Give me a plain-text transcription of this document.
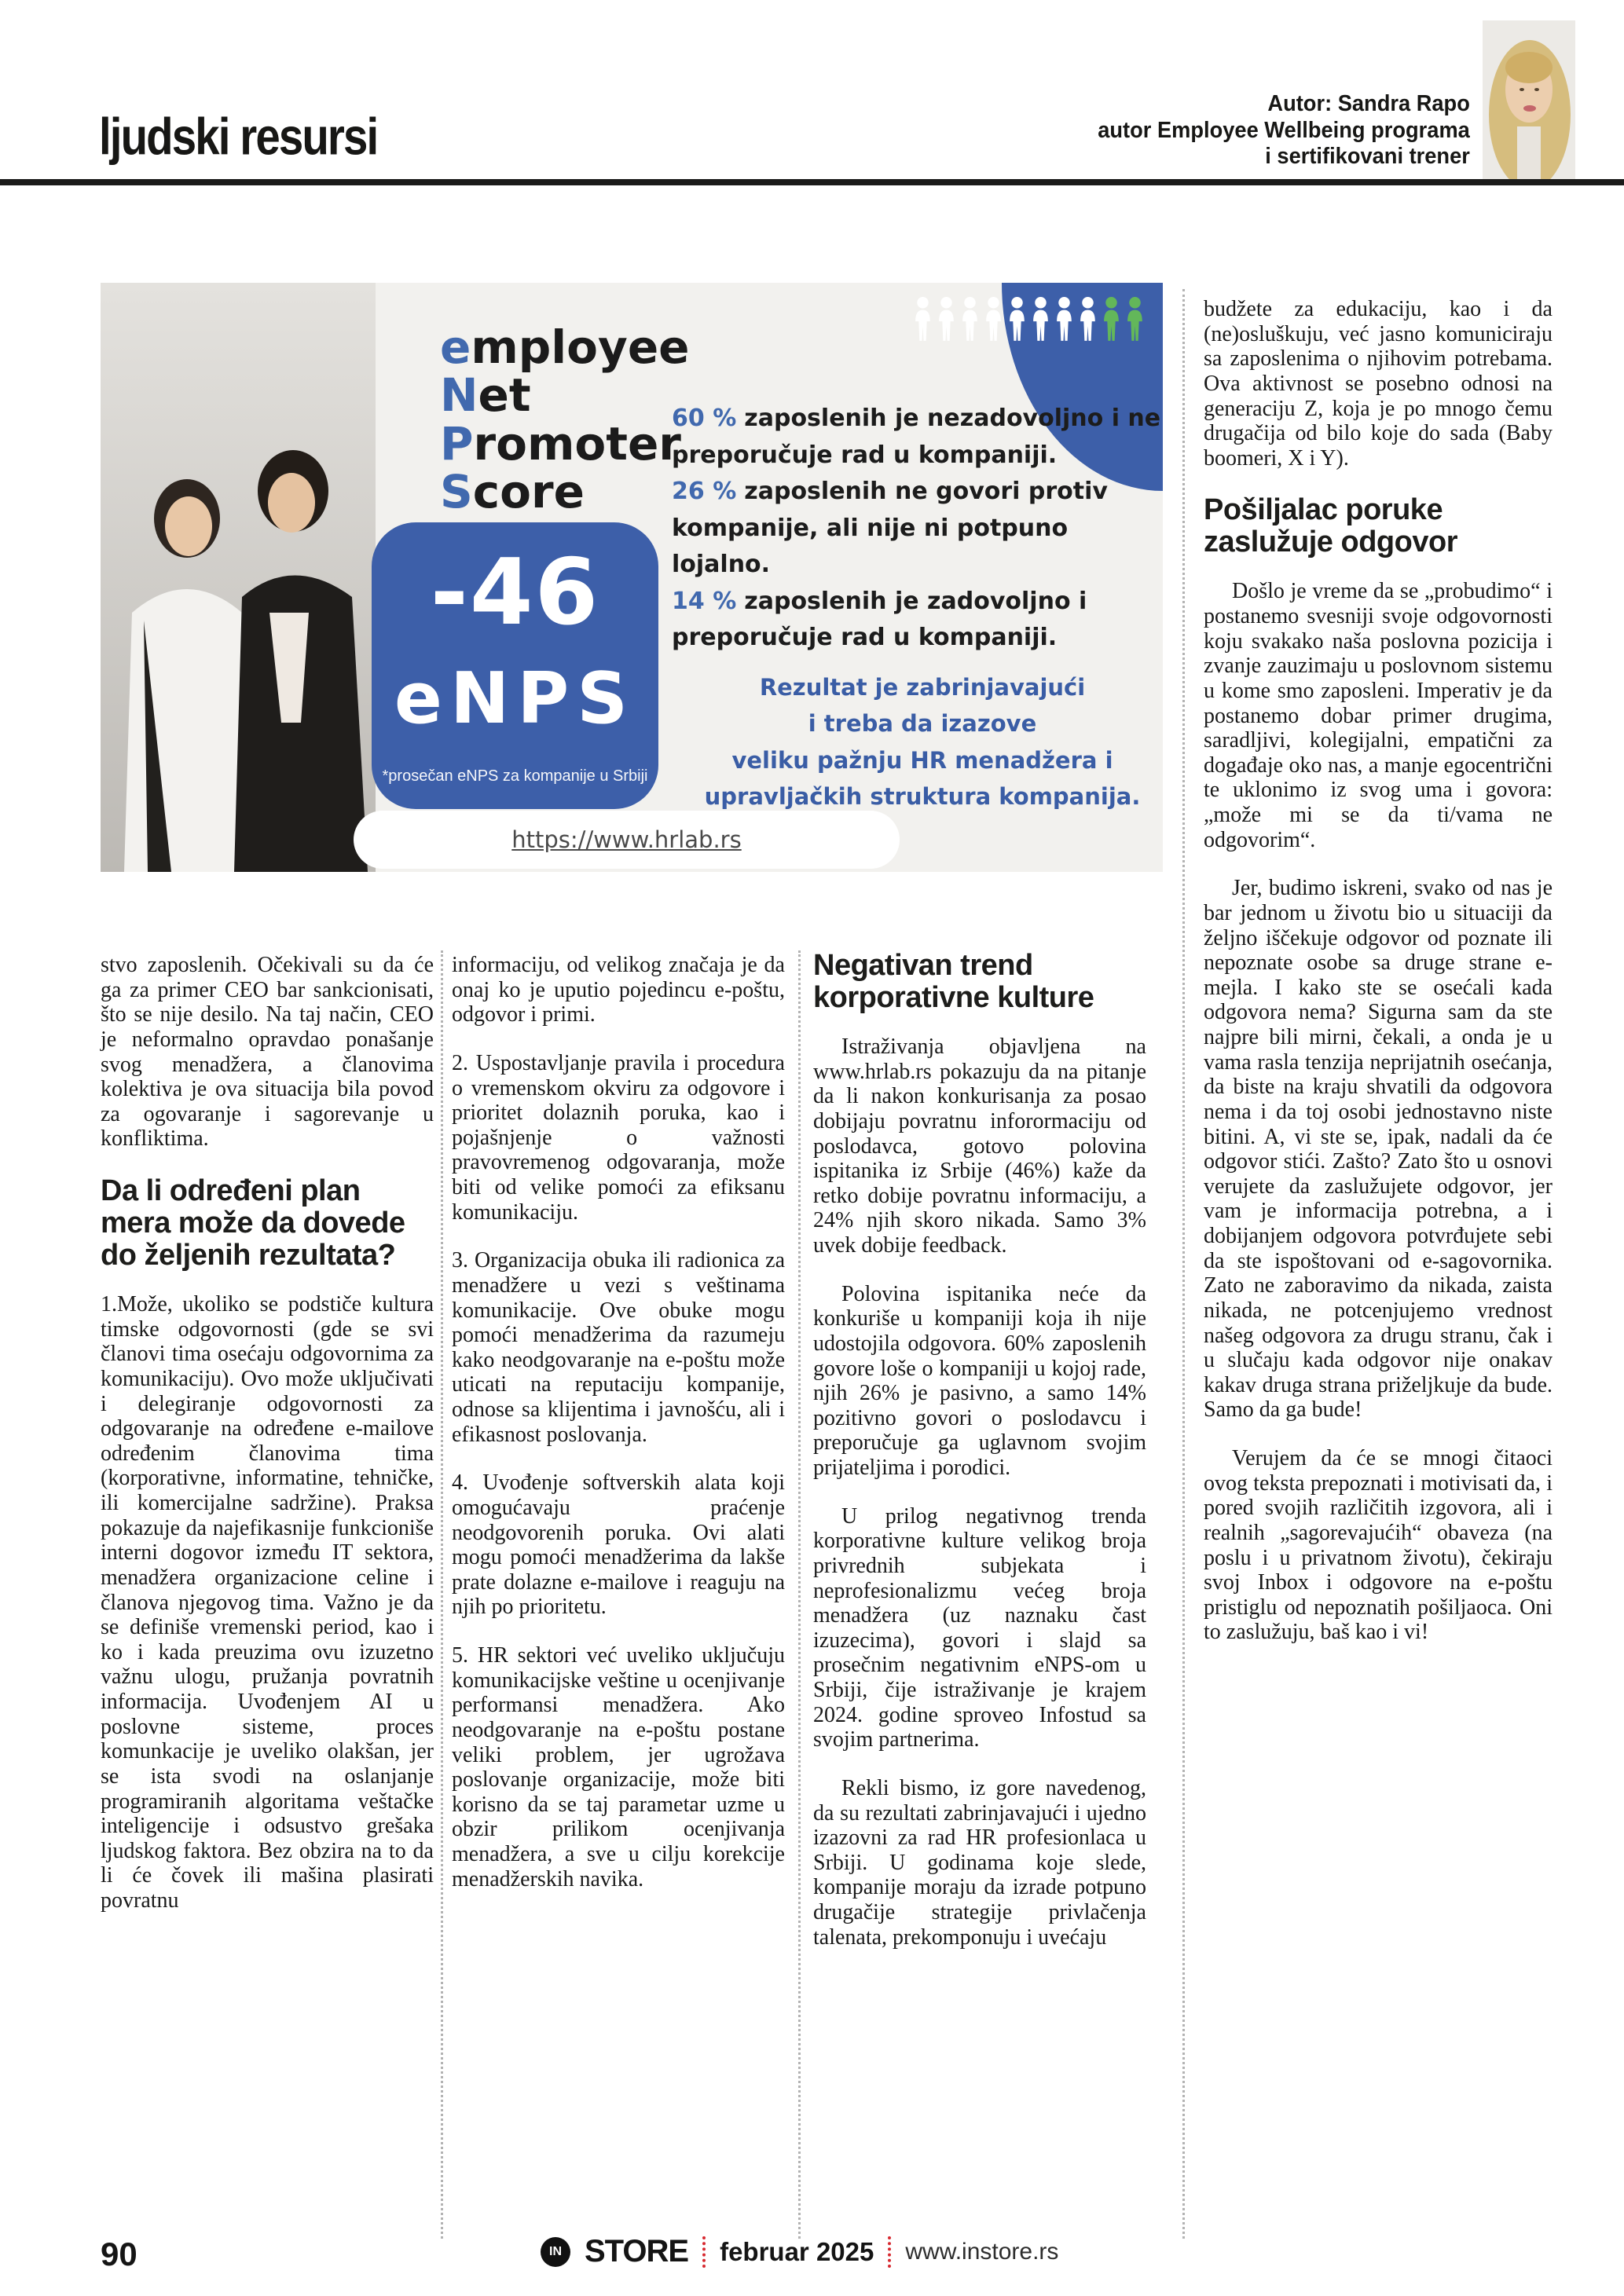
ljudski resursi
Autor: Sandra Rapo
autor Employee Wellbeing programa
i sertifikovani trener
employee
Net
Promoter
Score
60 % zaposlenih je nezadovoljno i ne preporučuje rad u kompaniji.
26 % zaposlenih ne govori protiv kompanije, ali nije ni potpuno lojalno.
14 % zaposlenih je zadovoljno i preporučuje rad u kompaniji.
-46
eNPS
*prosečan eNPS za kompanije u Srbiji
https://www.hrlab.rs
Rezultat je zabrinjavajući
i treba da izazove
veliku pažnju HR menadžera i
upravljačkih struktura kompanija.

stvo zaposlenih. Očekivali su da će ga za primer CEO bar sankcionisati, što se nije desilo. Na taj način, CEO je neformalno opravdao ponašanje svog menadžera, a članovima kolektiva je ova situacija bila povod za ogovaranje i sagorevanje u konfliktima.

Da li određeni plan mera može da dovede do željenih rezultata?

1.Može, ukoliko se podstiče kultura timske odgovornosti (gde se svi članovi tima osećaju odgovornima za komunikaciju). Ovo može uključivati i delegiranje odgovornosti za odgovaranje na određene e-mailove određenim članovima tima (korporativne, informatine, tehničke, ili komercijalne sadržine). Praksa pokazuje da najefikasnije funkcioniše interni dogovor između IT sektora, menadžera organizacione celine i članova njegovog tima. Važno je da se definiše vremenski period, kao i ko i kada preuzima ovu izuzetno važnu ulogu, pružanja povratnih informacija. Uvođenjem AI u poslovne sisteme, proces komunkacije je uveliko olakšan, jer se ista svodi na oslanjanje programiranih algoritama veštačke inteligencije i odsustvo grešaka ljudskog faktora. Bez obzira na to da li će čovek ili mašina plasirati povratnu

informaciju, od velikog značaja je da onaj ko je uputio pojedincu e-poštu, odgovor i primi.

2. Uspostavljanje pravila i procedura o vremenskom okviru za odgovore i prioritet dolaznih poruka, kao i pojašnjenje o važnosti pravovremenog odgovaranja, može biti od velike pomoći za efiksanu komunikaciju.

3. Organizacija obuka ili radionica za menadžere u vezi s veštinama komunikacije. Ove obuke mogu pomoći menadžerima da razumeju kako neodgovaranje na e-poštu može uticati na reputaciju kompanije, odnose sa klijentima i javnošću, ali i efikasnost poslovanja.

4. Uvođenje softverskih alata koji omogućavaju praćenje neodgovorenih poruka. Ovi alati mogu pomoći menadžerima da lakše prate dolazne e-mailove i reaguju na njih po prioritetu.

5. HR sektori već uveliko uključuju komunikacijske veštine u ocenjivanje performansi menadžera. Ako neodgovaranje na e-poštu postane veliki problem, jer ugrožava poslovanje organizacije, može biti korisno da se taj parametar uzme u obzir prilikom ocenjivanja menadžera, a sve u cilju korekcije menadžerskih navika.

Negativan trend korporativne kulture

Istraživanja objavljena na www.hrlab.rs pokazuju da na pitanje da li nakon konkurisanja za posao dobijaju povratnu inforormaciju od poslodavca, gotovo polovina ispitanika iz Srbije (46%) kaže da retko dobije povratnu informaciju, a 24% njih skoro nikada. Samo 3% uvek dobije feedback.

Polovina ispitanika neće da konkuriše u kompaniji koja ih nije udostojila odgovora. 60% zaposlenih govore loše o kompaniji u kojoj rade, njih 26% je pasivno, a samo 14% pozitivno govori o poslodavcu i preporučuje ga uglavnom svojim prijateljima i porodici.

U prilog negativnog trenda korporativne kulture velikog broja privrednih subjekata i neprofesionalizmu većeg broja menadžera (uz naznaku čast izuzecima), govori i slajd sa prosečnim negativnim eNPS-om u Srbiji, čije istraživanje je krajem 2024. godine sproveo Infostud sa svojim partnerima.

Rekli bismo, iz gore navedenog, da su rezultati zabrinjavajući i ujedno izazovni za rad HR profesionlaca u Srbiji. U godinama koje slede, kompanije moraju da izrade potpuno drugačije strategije privlačenja talenata, prekomponuju i uvećaju

budžete za edukaciju, kao i da (ne)osluškuju, već jasno komuniciraju sa zaposlenima o njihovim potrebama. Ova aktivnost se posebno odnosi na generaciju Z, koja je po mnogo čemu drugačija od bilo koje do sada (Baby boomeri, X i Y).

Pošiljalac poruke zaslužuje odgovor

Došlo je vreme da se „probudimo“ i postanemo svesniji svoje odgovornosti koju svakako naša poslovna pozicija i zvanje zauzimaju u poslovnom sistemu u kome smo zaposleni. Imperativ je da postanemo dobar primer drugima, saradljivi, kolegijalni, empatični za događaje oko nas, a manje egocentrični te uklonimo iz svog uma i govora: „može mi se da ti/vama ne odgovorim“.

Jer, budimo iskreni, svako od nas je bar jednom u životu bio u situaciji da željno iščekuje odgovor od poznate ili nepoznate osobe sa druge strane e-mejla. I kako ste se osećali kada odgovora nema? Sigurna sam da ste najpre bili mirni, čekali, a onda je u vama rasla tenzija neprijatnih osećanja, da biste na kraju shvatili da odgovora nema i da toj osobi jednostavno niste bitini. A, vi ste se, ipak, nadali da će odgovor stići. Zašto? Zato što u osnovi verujete da zaslužujete odgovor, jer vam je informacija potrebna, a i dobijanjem odgovora potvrđujete sebi da ste ispoštovani od e-sagovornika. Zato ne zaboravimo da nikada, zaista nikada, ne potcenjujemo vrednost našeg odgovora za drugu stranu, čak i u slučaju kada odgovor nije onakav kakav druga strana priželjkuje da bude. Samo da ga bude!

Verujem da će se mnogi čitaoci ovog teksta prepoznati i motivisati da, i pored svojih različitih izgovora, ali i realnih „sagorevajućih“ obaveza (na poslu i u privatnom životu), čekiraju svoj Inbox i odgovore na e-poštu pristiglu od nepoznatih pošiljaoca. Oni to zaslužuju, baš kao i vi!

90	IN STORE februar 2025 www.instore.rs
